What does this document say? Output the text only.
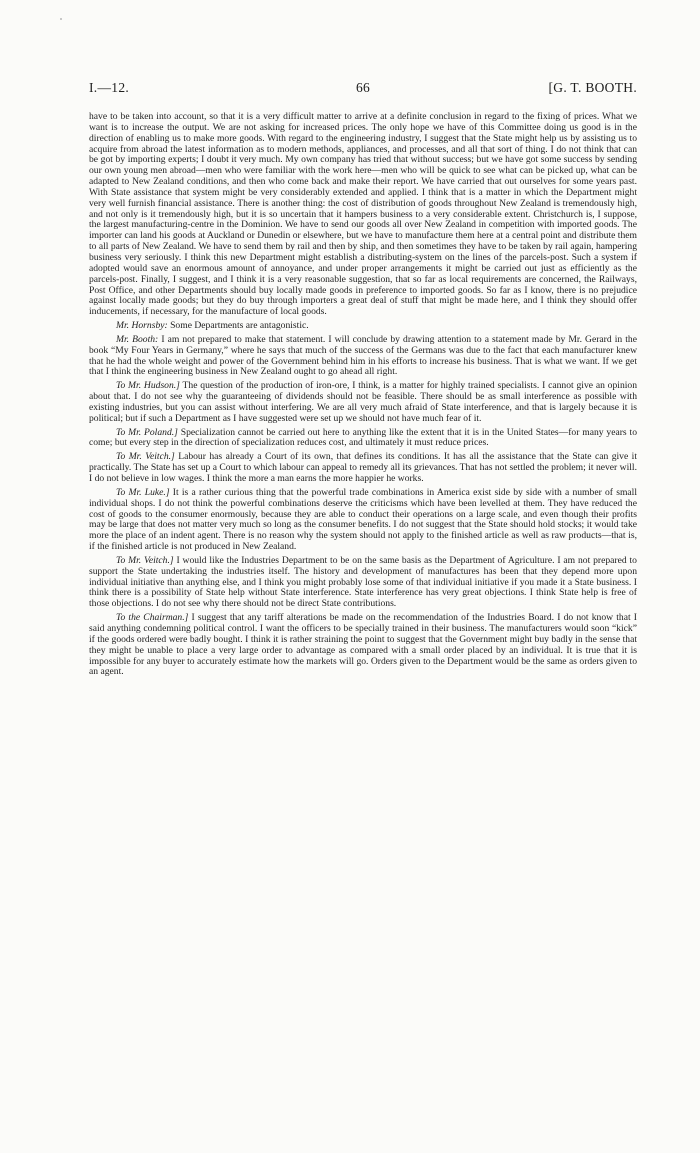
I.—12.	66	[G. T. BOOTH.

have to be taken into account, so that it is a very difficult matter to arrive at a definite conclusion in regard to the fixing of prices. What we want is to increase the output. We are not asking for increased prices. The only hope we have of this Committee doing us good is in the direction of enabling us to make more goods. With regard to the engineering industry, I suggest that the State might help us by assisting us to acquire from abroad the latest information as to modern methods, appliances, and processes, and all that sort of thing. I do not think that can be got by importing experts; I doubt it very much. My own company has tried that without success; but we have got some success by sending our own young men abroad—men who were familiar with the work here—men who will be quick to see what can be picked up, what can be adapted to New Zealand conditions, and then who come back and make their report. We have carried that out ourselves for some years past. With State assistance that system might be very considerably extended and applied. I think that is a matter in which the Department might very well furnish financial assistance. There is another thing: the cost of distribution of goods throughout New Zealand is tremendously high, and not only is it tremendously high, but it is so uncertain that it hampers business to a very considerable extent. Christchurch is, I suppose, the largest manufacturing-centre in the Dominion. We have to send our goods all over New Zealand in competition with imported goods. The importer can land his goods at Auckland or Dunedin or elsewhere, but we have to manufacture them here at a central point and distribute them to all parts of New Zealand. We have to send them by rail and then by ship, and then sometimes they have to be taken by rail again, hampering business very seriously. I think this new Department might establish a distributing-system on the lines of the parcels-post. Such a system if adopted would save an enormous amount of annoyance, and under proper arrangements it might be carried out just as efficiently as the parcels-post. Finally, I suggest, and I think it is a very reasonable suggestion, that so far as local requirements are concerned, the Railways, Post Office, and other Departments should buy locally made goods in preference to imported goods. So far as I know, there is no prejudice against locally made goods; but they do buy through importers a great deal of stuff that might be made here, and I think they should offer inducements, if necessary, for the manufacture of local goods.

Mr. Hornsby: Some Departments are antagonistic.

Mr. Booth: I am not prepared to make that statement. I will conclude by drawing attention to a statement made by Mr. Gerard in the book “My Four Years in Germany,” where he says that much of the success of the Germans was due to the fact that each manufacturer knew that he had the whole weight and power of the Government behind him in his efforts to increase his business. That is what we want. If we get that I think the engineering business in New Zealand ought to go ahead all right.

To Mr. Hudson.] The question of the production of iron-ore, I think, is a matter for highly trained specialists. I cannot give an opinion about that. I do not see why the guaranteeing of dividends should not be feasible. There should be as small interference as possible with existing industries, but you can assist without interfering. We are all very much afraid of State interference, and that is largely because it is political; but if such a Department as I have suggested were set up we should not have much fear of it.

To Mr. Poland.] Specialization cannot be carried out here to anything like the extent that it is in the United States—for many years to come; but every step in the direction of specialization reduces cost, and ultimately it must reduce prices.

To Mr. Veitch.] Labour has already a Court of its own, that defines its conditions. It has all the assistance that the State can give it practically. The State has set up a Court to which labour can appeal to remedy all its grievances. That has not settled the problem; it never will. I do not believe in low wages. I think the more a man earns the more happier he works.

To Mr. Luke.] It is a rather curious thing that the powerful trade combinations in America exist side by side with a number of small individual shops. I do not think the powerful combinations deserve the criticisms which have been levelled at them. They have reduced the cost of goods to the consumer enormously, because they are able to conduct their operations on a large scale, and even though their profits may be large that does not matter very much so long as the consumer benefits. I do not suggest that the State should hold stocks; it would take more the place of an indent agent. There is no reason why the system should not apply to the finished article as well as raw products—that is, if the finished article is not produced in New Zealand.

To Mr. Veitch.] I would like the Industries Department to be on the same basis as the Department of Agriculture. I am not prepared to support the State undertaking the industries itself. The history and development of manufactures has been that they depend more upon individual initiative than anything else, and I think you might probably lose some of that individual initiative if you made it a State business. I think there is a possibility of State help without State interference. State interference has very great objections. I think State help is free of those objections. I do not see why there should not be direct State contributions.

To the Chairman.] I suggest that any tariff alterations be made on the recommendation of the Industries Board. I do not know that I said anything condemning political control. I want the officers to be specially trained in their business. The manufacturers would soon “kick” if the goods ordered were badly bought. I think it is rather straining the point to suggest that the Government might buy badly in the sense that they might be unable to place a very large order to advantage as compared with a small order placed by an individual. It is true that it is impossible for any buyer to accurately estimate how the markets will go. Orders given to the Department would be the same as orders given to an agent.
